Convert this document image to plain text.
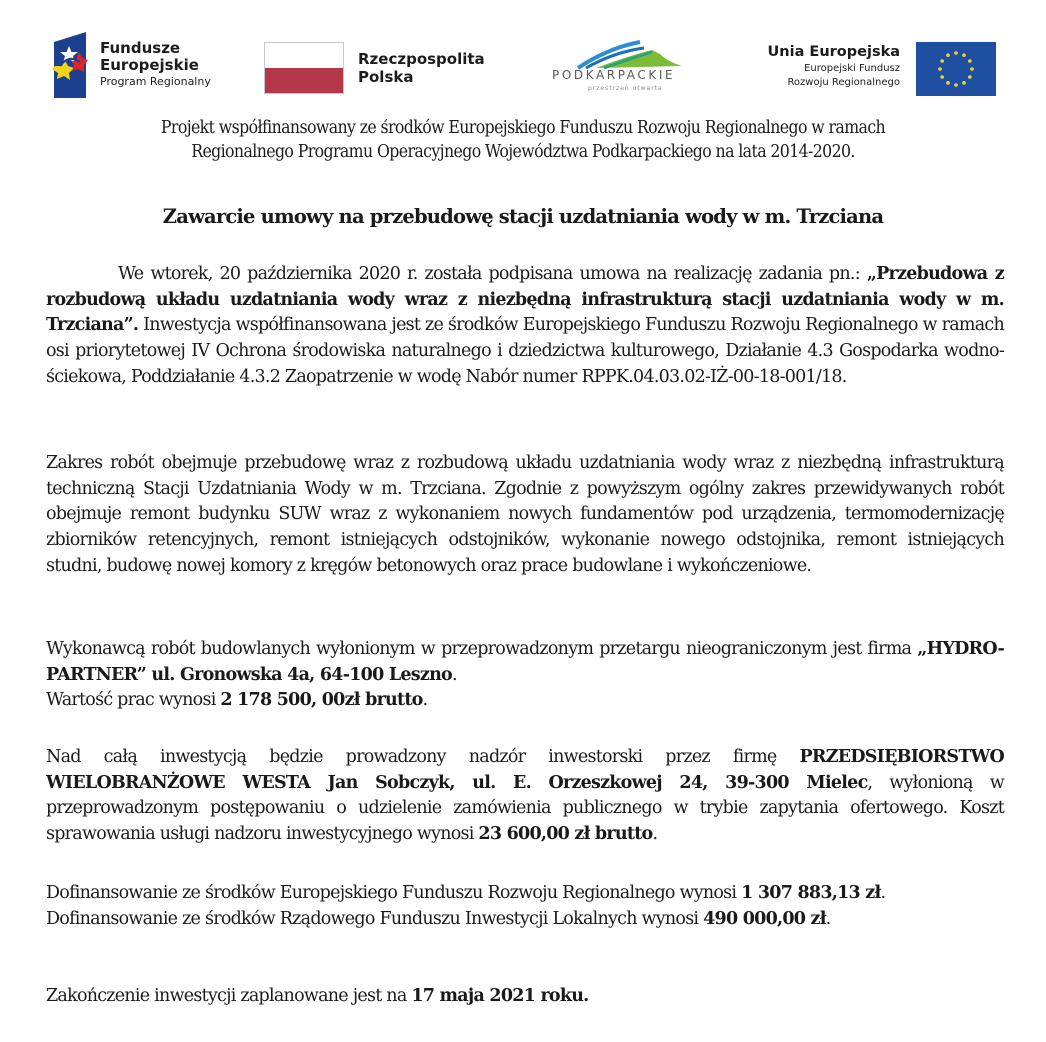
Fundusze
Europejskie
Program Regionalny
Rzeczpospolita
Polska	PODKARPACKIE
przestrzeń otwarta
Unia Europejska
Europejski Fundusz
Rozwoju Regionalnego
Projekt współfinansowany ze środków Europejskiego Funduszu Rozwoju Regionalnego w ramach
Regionalnego Programu Operacyjnego Województwa Podkarpackiego na lata 2014-2020.
Zawarcie umowy na przebudowę stacji uzdatniania wody w m. Trzciana
We wtorek, 20 października 2020 r. została podpisana umowa na realizację zadania pn.: „Przebudowa z rozbudową układu uzdatniania wody wraz z niezbędną infrastrukturą stacji uzdatniania wody w m. Trzciana”. Inwestycja współfinansowana jest ze środków Europejskiego Funduszu Rozwoju Regionalnego w ramach osi priorytetowej IV Ochrona środowiska naturalnego i dziedzictwa kulturowego, Działanie 4.3 Gospodarka wodno- ściekowa, Poddziałanie 4.3.2 Zaopatrzenie w wodę Nabór numer RPPK.04.03.02-IŻ-00-18-001/18.
Zakres robót obejmuje przebudowę wraz z rozbudową układu uzdatniania wody wraz z niezbędną infrastrukturą techniczną Stacji Uzdatniania Wody w m. Trzciana. Zgodnie z powyższym ogólny zakres przewidywanych robót obejmuje remont budynku SUW wraz z wykonaniem nowych fundamentów pod urządzenia, termomodernizację zbiorników retencyjnych, remont istniejących odstojników, wykonanie nowego odstojnika, remont istniejących studni, budowę nowej komory z kręgów betonowych oraz prace budowlane i wykończeniowe.
Wykonawcą robót budowlanych wyłonionym w przeprowadzonym przetargu nieograniczonym jest firma „HYDRO-PARTNER” ul. Gronowska 4a, 64-100 Leszno.
Wartość prac wynosi 2 178 500, 00zł brutto.
Nad całą inwestycją będzie prowadzony nadzór inwestorski przez firmę PRZEDSIĘBIORSTWO WIELOBRANŻOWE WESTA Jan Sobczyk, ul. E. Orzeszkowej 24, 39-300 Mielec, wyłonioną w przeprowadzonym postępowaniu o udzielenie zamówienia publicznego w trybie zapytania ofertowego. Koszt sprawowania usługi nadzoru inwestycyjnego wynosi 23 600,00 zł brutto.
Dofinansowanie ze środków Europejskiego Funduszu Rozwoju Regionalnego wynosi 1 307 883,13 zł.
Dofinansowanie ze środków Rządowego Funduszu Inwestycji Lokalnych wynosi 490 000,00 zł.
Zakończenie inwestycji zaplanowane jest na 17 maja 2021 roku.
